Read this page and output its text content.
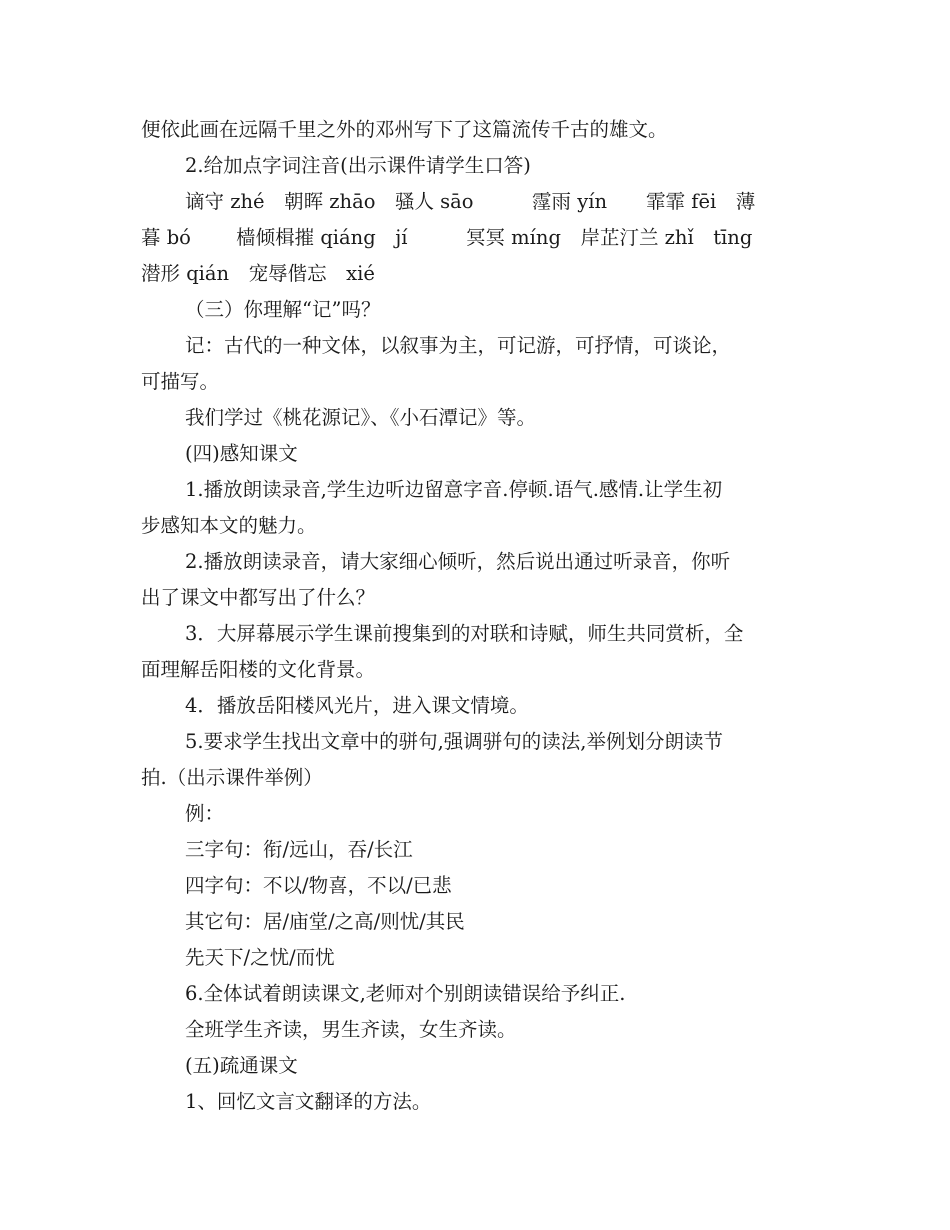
便依此画在远隔千里之外的邓州写下了这篇流传千古的雄文。
2.给加点字词注音(出示课件请学生口答)
谪守 zhé　朝晖 zhāo　骚人 sāo　　　霪雨 yín　　霏霏 fēi　薄
暮 bó　　 樯倾楫摧 qiáng　jí　　　冥冥 míng　岸芷汀兰 zhǐ　tīng
潜形 qián　宠辱偕忘　xié
（三）你理解“记”吗？
记：古代的一种文体，以叙事为主，可记游，可抒情，可谈论，
可描写。
我们学过《桃花源记》、《小石潭记》等。
(四)感知课文
1.播放朗读录音,学生边听边留意字音.停顿.语气.感情.让学生初
步感知本文的魅力。
2.播放朗读录音，请大家细心倾听，然后说出通过听录音，你听
出了课文中都写出了什么？
3．大屏幕展示学生课前搜集到的对联和诗赋，师生共同赏析，全
面理解岳阳楼的文化背景。
4．播放岳阳楼风光片，进入课文情境。
5.要求学生找出文章中的骈句,强调骈句的读法,举例划分朗读节
拍.（出示课件举例）
例：
三字句：衔/远山，吞/长江
四字句：不以/物喜，不以/已悲
其它句：居/庙堂/之高/则忧/其民
先天下/之忧/而忧
6.全体试着朗读课文,老师对个别朗读错误给予纠正.
全班学生齐读，男生齐读，女生齐读。
(五)疏通课文
1、回忆文言文翻译的方法。
